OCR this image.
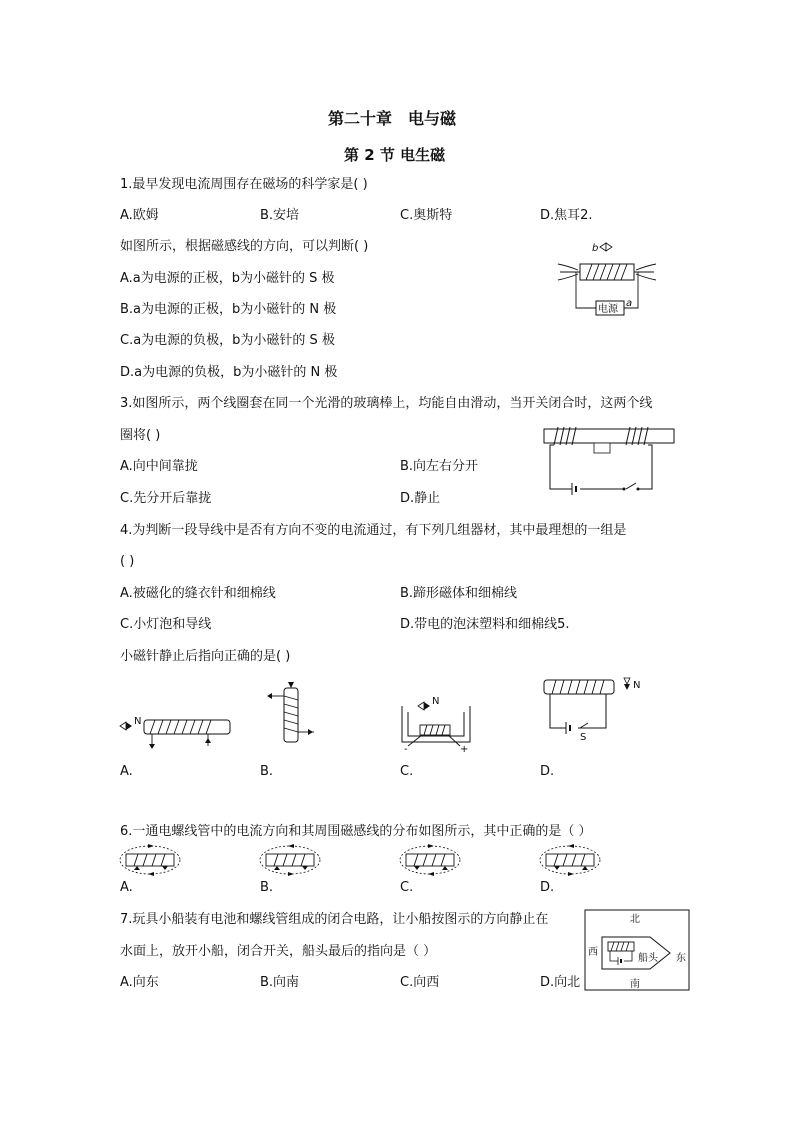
第二十章　电与磁
第 2 节 电生磁
1.最早发现电流周围存在磁场的科学家是( )
A.欧姆	B.安培	C.奥斯特	D.焦耳2.
如图所示，根据磁感线的方向，可以判断( )
A.a为电源的正极，b为小磁针的 S 极
B.a为电源的正极，b为小磁针的 N 极
C.a为电源的负极，b为小磁针的 S 极
D.a为电源的负极，b为小磁针的 N 极
b
电源
a
3.如图所示，两个线圈套在同一个光滑的玻璃棒上，均能自由滑动，当开关闭合时，这两个线
圈将( )
A.向中间靠拢	B.向左右分开
C.先分开后靠拢	D.静止
4.为判断一段导线中是否有方向不变的电流通过，有下列几组器材，其中最理想的一组是
( )
A.被磁化的缝衣针和细棉线	B.蹄形磁体和细棉线
C.小灯泡和导线	D.带电的泡沫塑料和细棉线5.
小磁针静止后指向正确的是( )
N
A.	B.
N
-	+
C.
S
N
D.
6.一通电螺线管中的电流方向和其周围磁感线的分布如图所示，其中正确的是（ ）
A.	B.	C.	D.
7.玩具小船装有电池和螺线管组成的闭合电路，让小船按图示的方向静止在
水面上，放开小船，闭合开关，船头最后的指向是（ ）
A.向东	B.向南	C.向西	D.向北
北
南
西
东
船头
